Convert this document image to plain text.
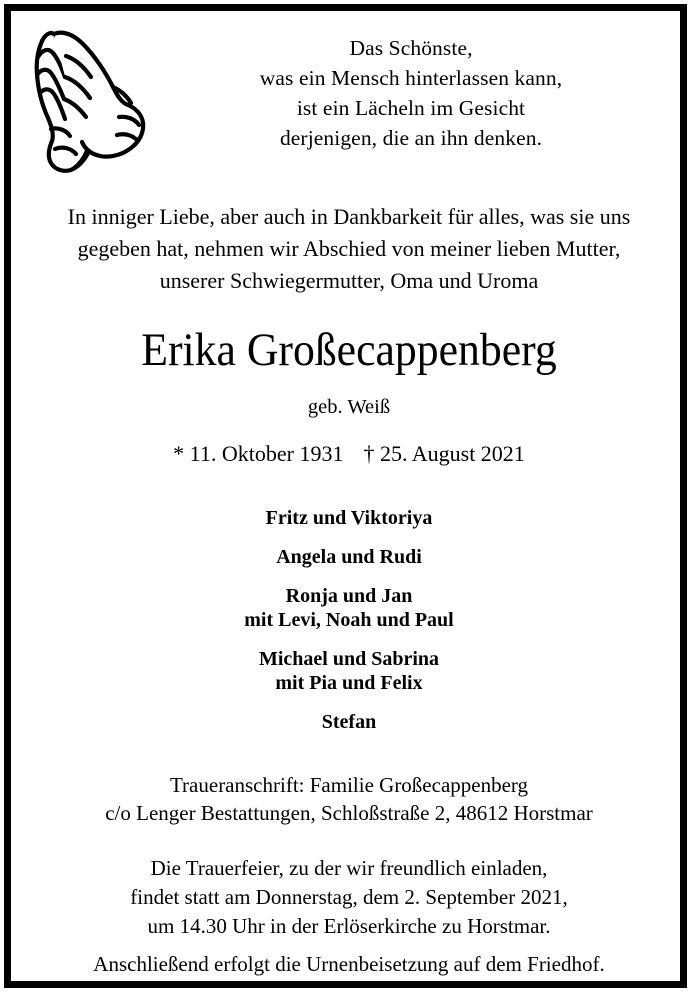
Das Schönste,
was ein Mensch hinterlassen kann,
ist ein Lächeln im Gesicht
derjenigen, die an ihn denken.
In inniger Liebe, aber auch in Dankbarkeit für alles, was sie uns
gegeben hat, nehmen wir Abschied von meiner lieben Mutter,
unserer Schwiegermutter, Oma und Uroma
Erika Großecappenberg
geb. Weiß
* 11. Oktober 1931 † 25. August 2021
Fritz und Viktoriya
Angela und Rudi
Ronja und Jan
mit Levi, Noah und Paul
Michael und Sabrina
mit Pia und Felix
Stefan
Traueranschrift: Familie Großecappenberg
c/o Lenger Bestattungen, Schloßstraße 2, 48612 Horstmar
Die Trauerfeier, zu der wir freundlich einladen,
findet statt am Donnerstag, dem 2. September 2021,
um 14.30 Uhr in der Erlöserkirche zu Horstmar.
Anschließend erfolgt die Urnenbeisetzung auf dem Friedhof.
